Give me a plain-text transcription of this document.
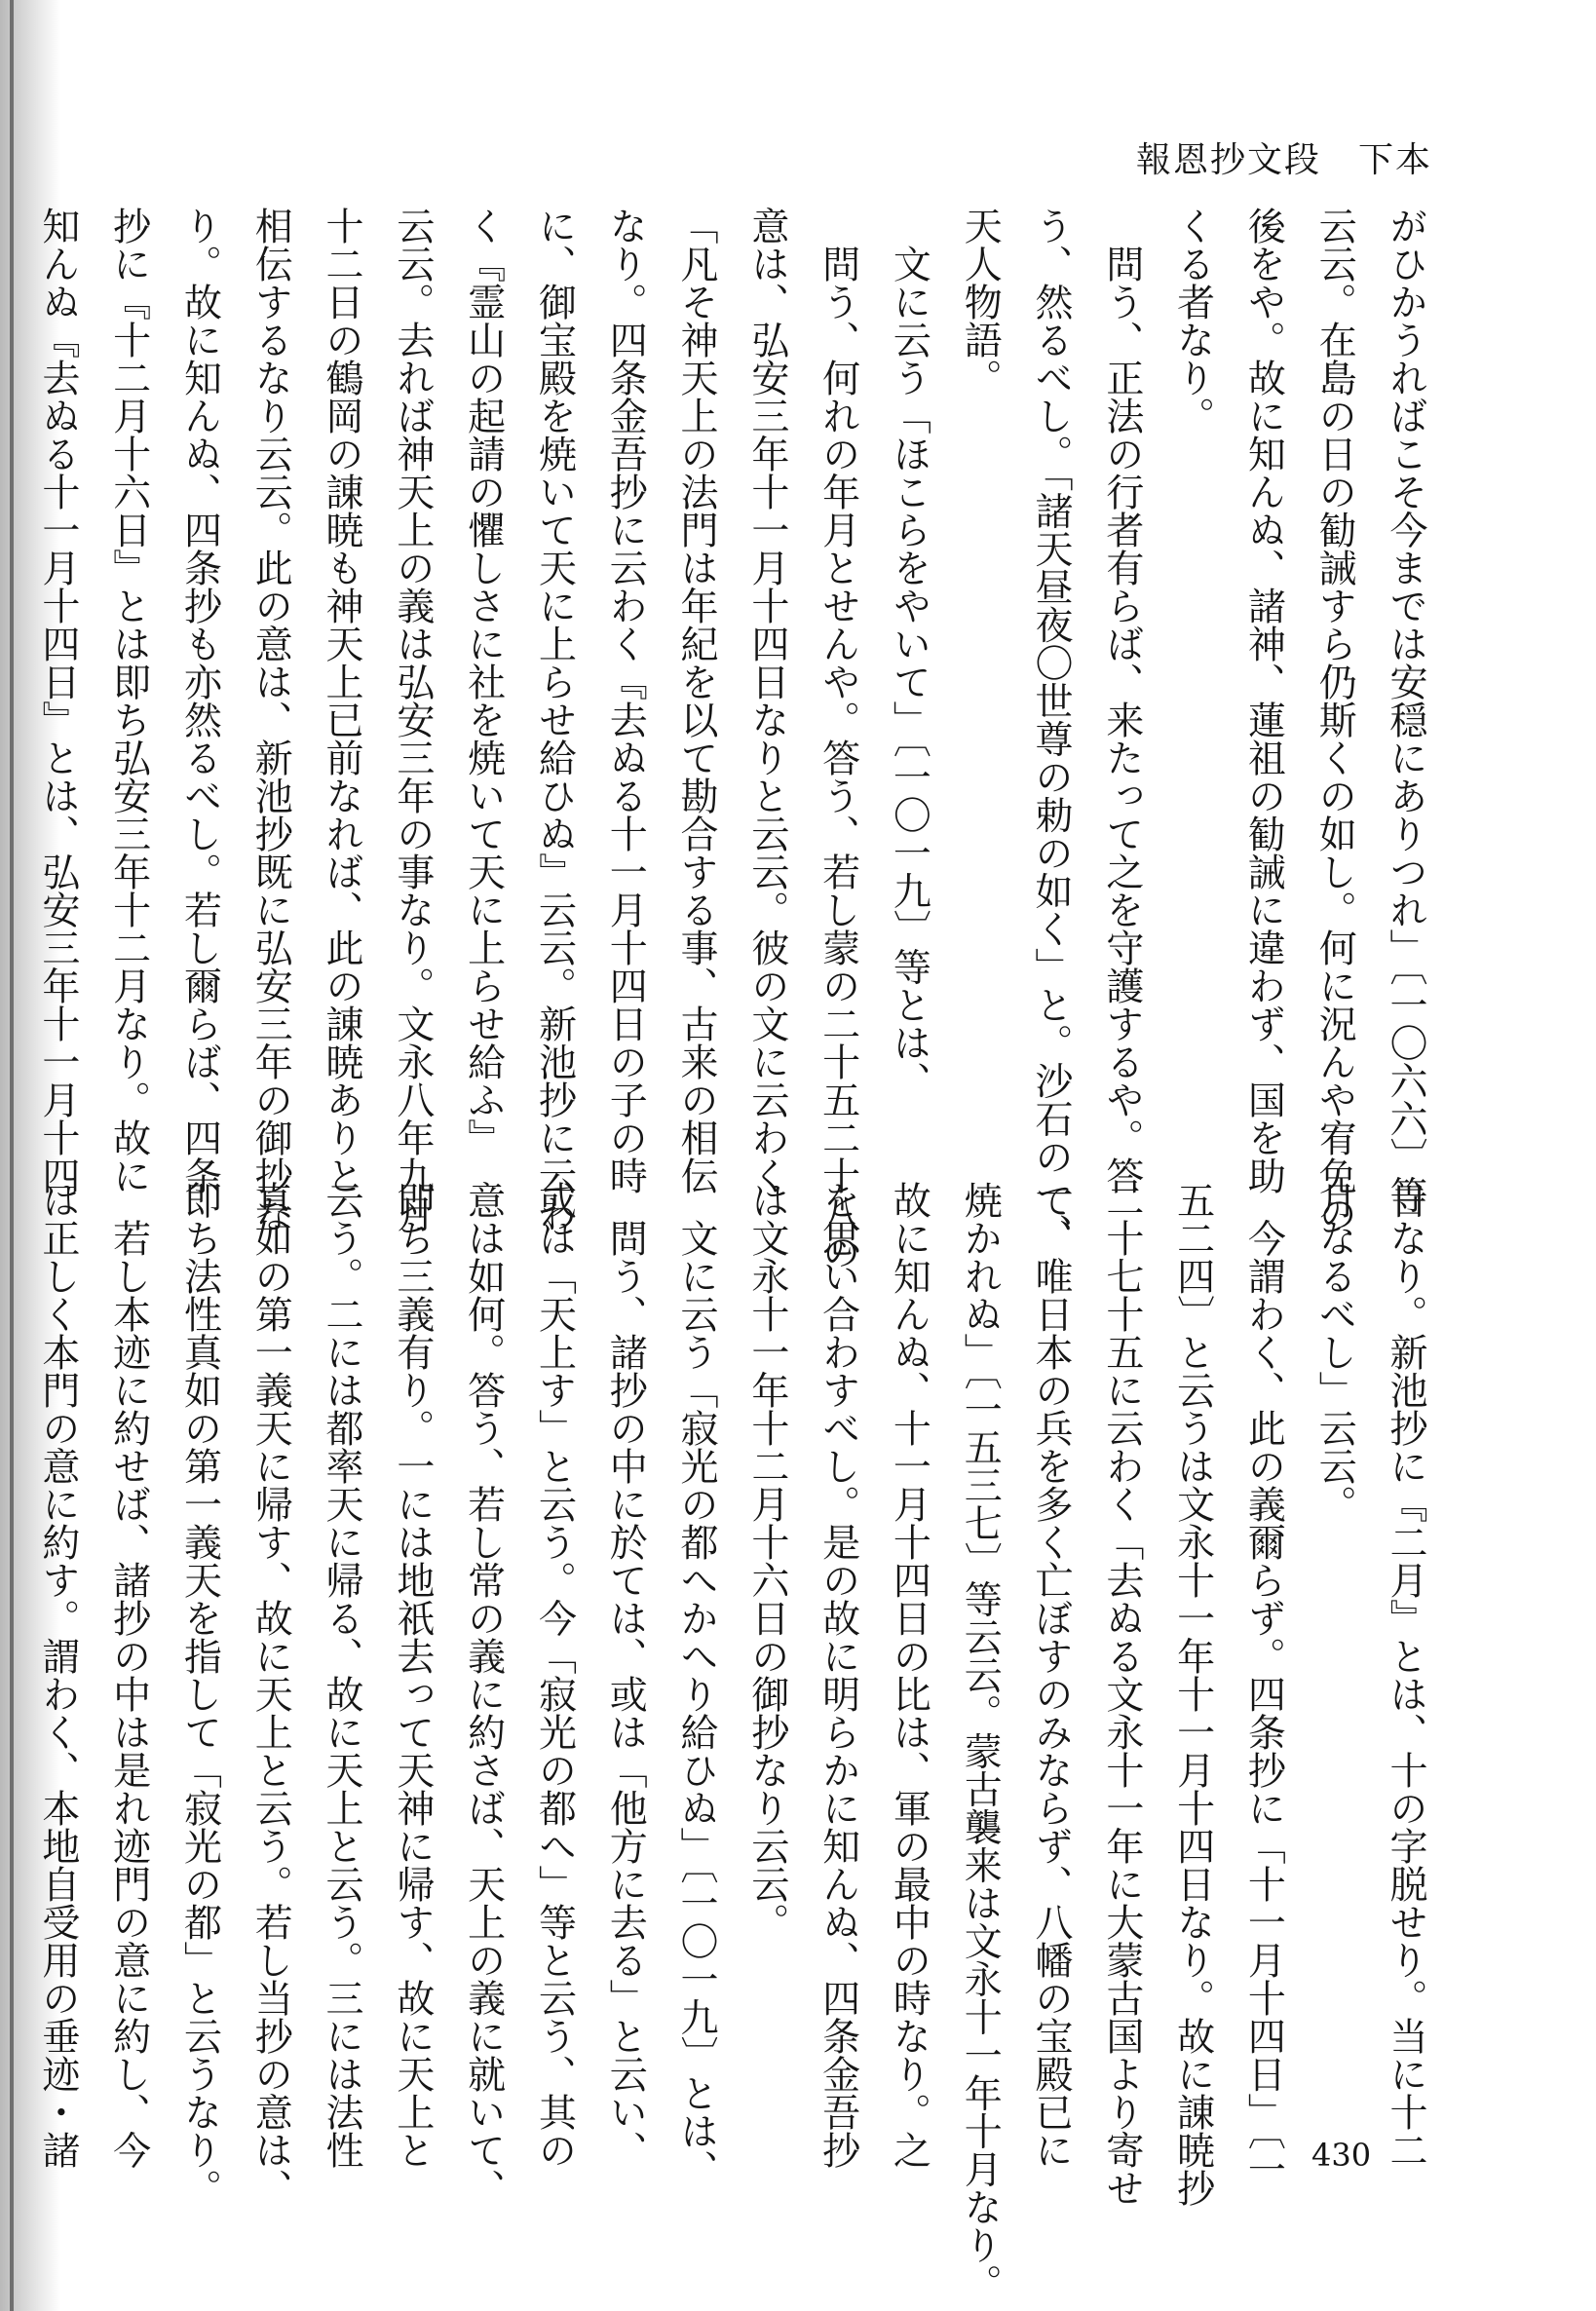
報恩抄文段　下本
がひかうればこそ今までは安穏にありつれ」〔一〇六六〕等
云云。在島の日の勧誡すら仍斯くの如し。何に況んや宥免の
後をや。故に知んぬ、諸神、蓮祖の勧誡に違わず、国を助
くる者なり。
問う、正法の行者有らば、来たって之を守護するや。答
う、然るべし。「諸天昼夜〇世尊の勅の如く」と。沙石の一、
天人物語。
文に云う「ほこらをやいて」〔一〇一九〕等とは、
問う、何れの年月とせんや。答う、若し蒙の二十五二十八の
意は、弘安三年十一月十四日なりと云云。彼の文に云わく
「凡そ神天上の法門は年紀を以て勘合する事、古来の相伝
なり。四条金吾抄に云わく『去ぬる十一月十四日の子の時
に、御宝殿を焼いて天に上らせ給ひぬ』云云。新池抄に云わ
く『霊山の起請の懼しさに社を焼いて天に上らせ給ふ』
云云。去れば神天上の義は弘安三年の事なり。文永八年九月
十二日の鶴岡の諌暁も神天上已前なれば、此の諌暁ありと
相伝するなり云云。此の意は、新池抄既に弘安三年の御抄な
り。故に知んぬ、四条抄も亦然るべし。若し爾らば、四条
抄に『十二月十六日』とは即ち弘安三年十二月なり。故に
知んぬ『去ぬる十一月十四日』とは、弘安三年十一月十四
日なり。新池抄に『二月』とは、十の字脱せり。当に十二
月なるべし」云云。
今謂わく、此の義爾らず。四条抄に「十一月十四日」〔一
五二四〕と云うは文永十一年十一月十四日なり。故に諌暁抄
二十七十五に云わく「去ぬる文永十一年に大蒙古国より寄せ
て、唯日本の兵を多く亡ぼすのみならず、八幡の宝殿已に
焼かれぬ」〔一五三七〕等云云。蒙古襲来は文永十一年十月なり。
故に知んぬ、十一月十四日の比は、軍の最中の時なり。之
を思い合わすべし。是の故に明らかに知んぬ、四条金吾抄
は文永十一年十二月十六日の御抄なり云云。
文に云う「寂光の都へかへり給ひぬ」〔一〇一九〕とは、
問う、諸抄の中に於ては、或は「他方に去る」と云い、
或は「天上す」と云う。今「寂光の都へ」等と云う、其の
意は如何。答う、若し常の義に約さば、天上の義に就いて、
即ち三義有り。一には地祇去って天神に帰す、故に天上と
云う。二には都率天に帰る、故に天上と云う。三には法性
真如の第一義天に帰す、故に天上と云う。若し当抄の意は、
即ち法性真如の第一義天を指して「寂光の都」と云うなり。
若し本迹に約せば、諸抄の中は是れ迹門の意に約し、今
は正しく本門の意に約す。謂わく、本地自受用の垂迹・諸	430
